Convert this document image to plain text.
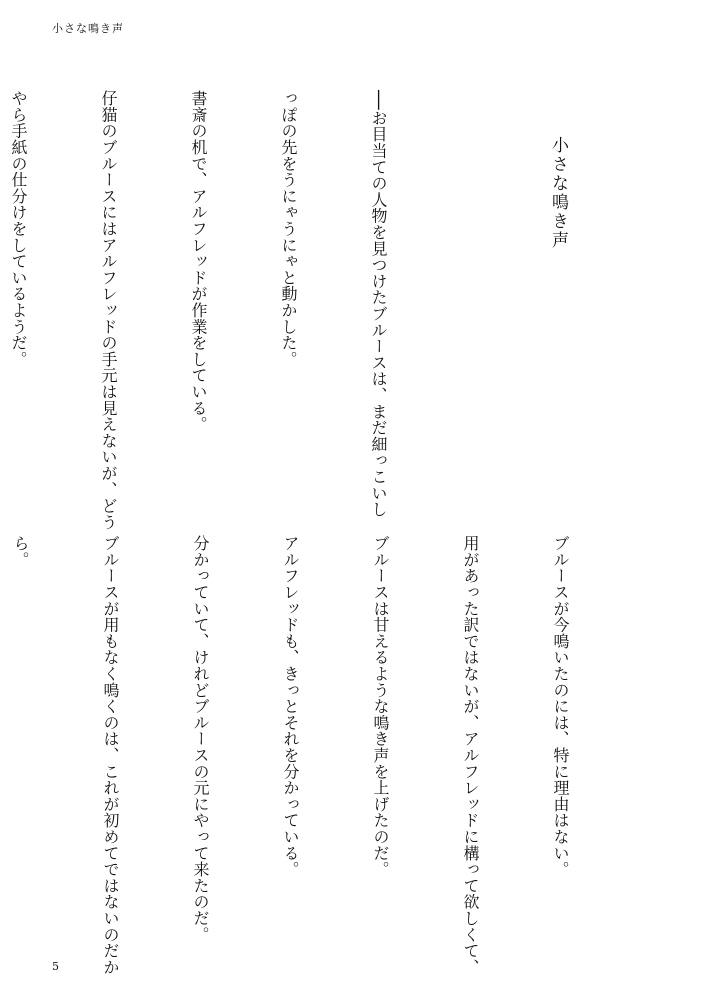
小さな鳴き声

小さな鳴き声

──お目当ての人物を見つけたブルースは、まだ細っこいし

っぽの先をうにゃうにゃと動かした。

書斎の机で、アルフレッドが作業をしている。

仔猫のブルースにはアルフレッドの手元は見えないが、どう

やら手紙の仕分けをしているようだ。

ブルースが今鳴いたのには、特に理由はない。

用があった訳ではないが、アルフレッドに構って欲しくて、

ブルースは甘えるような鳴き声を上げたのだ。

アルフレッドも、きっとそれを分かっている。

分かっていて、けれどブルースの元にやって来たのだ。

ブルースが用もなく鳴くのは、これが初めてではないのだか

ら。

5
